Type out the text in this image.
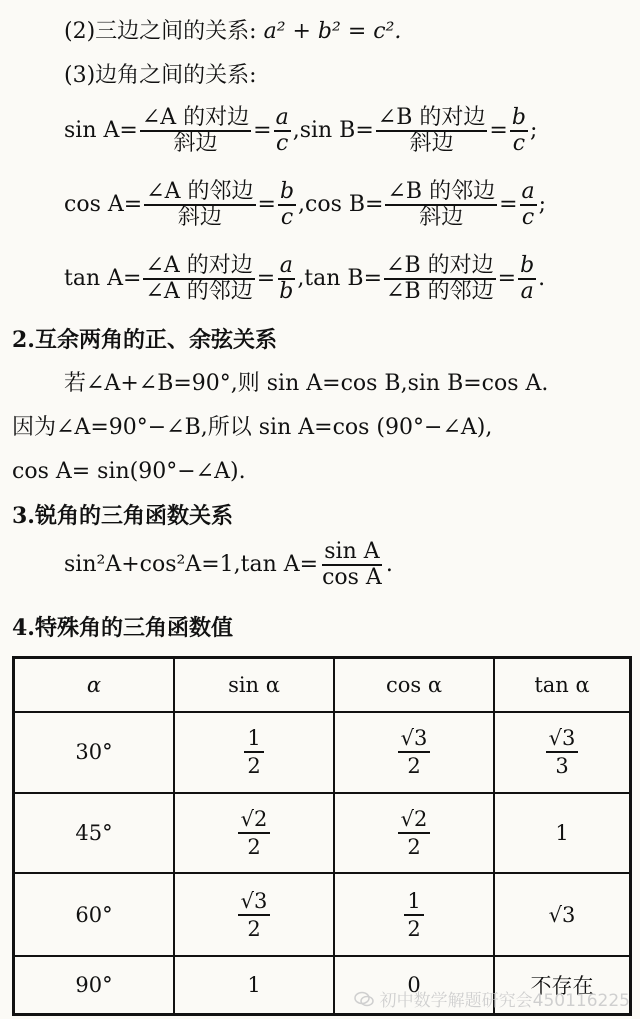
(2)三边之间的关系: a² + b² = c².
(3)边角之间的关系:
$\sin A= \frac{\text{∠A 的对边}}{\text{斜边}} = \frac{a}{c} ,\sin$ $B= \frac{\text{∠B 的对边}}{\text{斜边}} = \frac{b}{c}$ ;
$\cos A= \frac{\text{∠A 的邻边}}{\text{斜边}} = \frac{b}{c} ,\cos$ $B= \frac{\text{∠B 的邻边}}{\text{斜边}} = \frac{a}{c}$ ;
$\tan A= \frac{\text{∠A 的对边}}{\text{∠A 的邻边}} = \frac{a}{b} ,\tan$ $B= \frac{\text{∠B 的对边}}{\text{∠B 的邻边}} = \frac{b}{a}$ .
2.互余两角的正、余弦关系
若∠A+∠B=90°,则 sin A=cos B,sin B=cos A.
因为∠A=90°−∠B,所以 sin A=cos (90°−∠A),
cos A= sin(90°−∠A).
3.锐角的三角函数关系
sin²A+cos²A=1,tan $A= \frac{\text{sin A}}{\text{cos A}}$ .
4.特殊角的三角函数值
α	sin α	cos α	tan α
30°	$\frac{1}{2}$	$\frac{√3}{2}$	$\frac{√3}{3}$

45°	$\frac{√2}{2}$	$\frac{√2}{2}$	1
60°	$\frac{√3}{2}$	$\frac{1}{2}$	√3
90°	1	0	不存在
初中数学解题研究会450116225
